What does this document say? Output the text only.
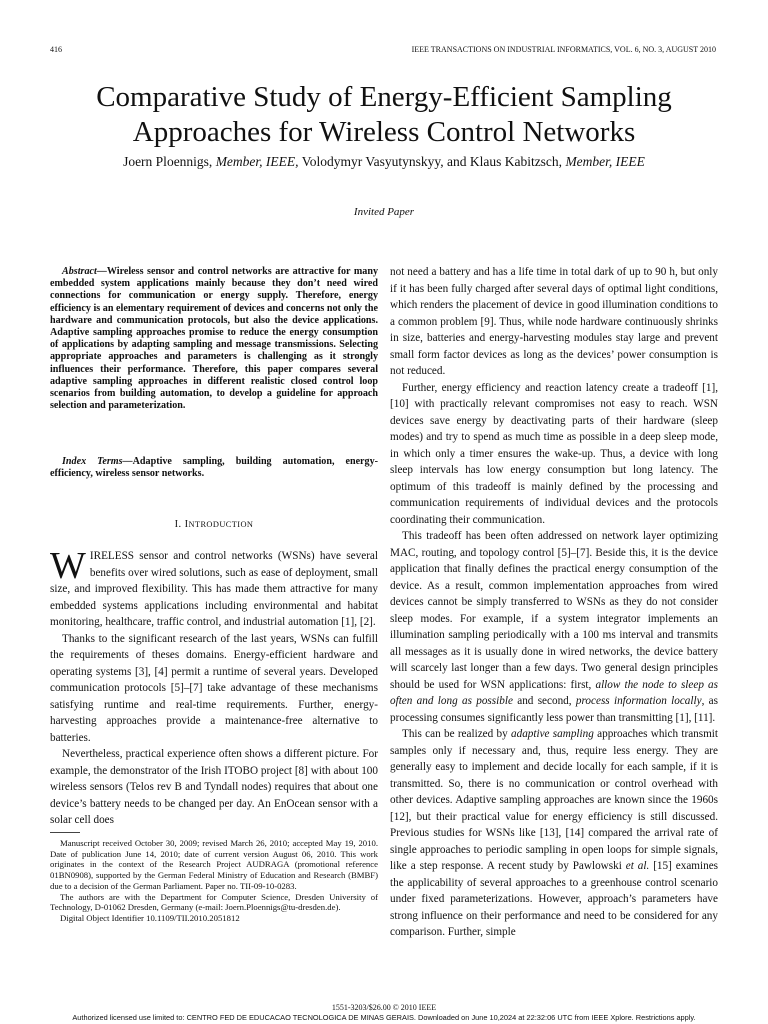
416	IEEE TRANSACTIONS ON INDUSTRIAL INFORMATICS, VOL. 6, NO. 3, AUGUST 2010
Comparative Study of Energy-Efficient Sampling Approaches for Wireless Control Networks
Joern Ploennigs, Member, IEEE, Volodymyr Vasyutynskyy, and Klaus Kabitzsch, Member, IEEE
Invited Paper
Abstract—Wireless sensor and control networks are attractive for many embedded system applications mainly because they don’t need wired connections for communication or energy supply. Therefore, energy efficiency is an elementary requirement of devices and concerns not only the hardware and communication protocols, but also the device applications. Adaptive sampling approaches promise to reduce the energy consumption of applications by adapting sampling and message transmissions. Selecting appropriate approaches and parameters is challenging as it strongly influences their performance. Therefore, this paper compares several adaptive sampling approaches in different realistic closed control loop scenarios from building automation, to develop a guideline for approach selection and parameterization.
Index Terms—Adaptive sampling, building automation, energy-efficiency, wireless sensor networks.
I. INTRODUCTION

WIRELESS sensor and control networks (WSNs) have several benefits over wired solutions, such as ease of deployment, small size, and improved flexibility. This has made them attractive for many embedded systems applications including environmental and habitat monitoring, healthcare, traffic control, and industrial automation [1], [2].

Thanks to the significant research of the last years, WSNs can fulfill the requirements of theses domains. Energy-efficient hardware and operating systems [3], [4] permit a runtime of several years. Developed communication protocols [5]–[7] take advantage of these mechanisms satisfying runtime and real-time requirements. Further, energy-harvesting approaches provide a maintenance-free alternative to batteries.

Nevertheless, practical experience often shows a different picture. For example, the demonstrator of the Irish ITOBO project [8] with about 100 wireless sensors (Telos rev B and Tyndall nodes) requires that about one device’s battery needs to be changed per day. An EnOcean sensor with a solar cell does

Manuscript received October 30, 2009; revised March 26, 2010; accepted May 19, 2010. Date of publication June 14, 2010; date of current version August 06, 2010. This work originates in the context of the Research Project AUDRAGA (promotional reference 01BN0908), supported by the German Federal Ministry of Education and Research (BMBF) due to a decision of the German Parliament. Paper no. TII-09-10-0283.

The authors are with the Department for Computer Science, Dresden University of Technology, D-01062 Dresden, Germany (e-mail: Joern.Ploennigs@tu-dresden.de).

Digital Object Identifier 10.1109/TII.2010.2051812

not need a battery and has a life time in total dark of up to 90 h, but only if it has been fully charged after several days of optimal light conditions, which renders the placement of device in good illumination conditions to a common problem [9]. Thus, while node hardware continuously shrinks in size, batteries and energy-harvesting modules stay large and prevent small form factor devices as long as the devices’ power consumption is not reduced.

Further, energy efficiency and reaction latency create a tradeoff [1], [10] with practically relevant compromises not easy to reach. WSN devices save energy by deactivating parts of their hardware (sleep modes) and try to spend as much time as possible in a deep sleep mode, in which only a timer ensures the wake-up. Thus, a device with long sleep intervals has low energy consumption but long latency. The optimum of this tradeoff is mainly defined by the processing and communication requirements of individual devices and the protocols coordinating their communication.

This tradeoff has been often addressed on network layer optimizing MAC, routing, and topology control [5]–[7]. Beside this, it is the device application that finally defines the practical energy consumption of the device. As a result, common implementation approaches from wired devices cannot be simply transferred to WSNs as they do not consider sleep modes. For example, if a system integrator implements an illumination sampling periodically with a 100 ms interval and transmits all messages as it is usually done in wired networks, the device battery will scarcely last longer than a few days. Two general design principles should be used for WSN applications: first, allow the node to sleep as often and long as possible and second, process information locally, as processing consumes significantly less power than transmitting [1], [11].

This can be realized by adaptive sampling approaches which transmit samples only if necessary and, thus, require less energy. They are generally easy to implement and decide locally for each sample, if it is transmitted. So, there is no communication or control overhead with other devices. Adaptive sampling approaches are known since the 1960s [12], but their practical value for energy efficiency is still discussed. Previous studies for WSNs like [13], [14] compared the arrival rate of single approaches to periodic sampling in open loops for simple signals, like a step response. A recent study by Pawlowski et al. [15] examines the applicability of several approaches to a greenhouse control scenario under fixed parameterizations. However, approach’s parameters have strong influence on their performance and need to be considered for any comparison. Further, simple

1551-3203/$26.00 © 2010 IEEE
Authorized licensed use limited to: CENTRO FED DE EDUCACAO TECNOLOGICA DE MINAS GERAIS. Downloaded on June 10,2024 at 22:32:06 UTC from IEEE Xplore. Restrictions apply.
